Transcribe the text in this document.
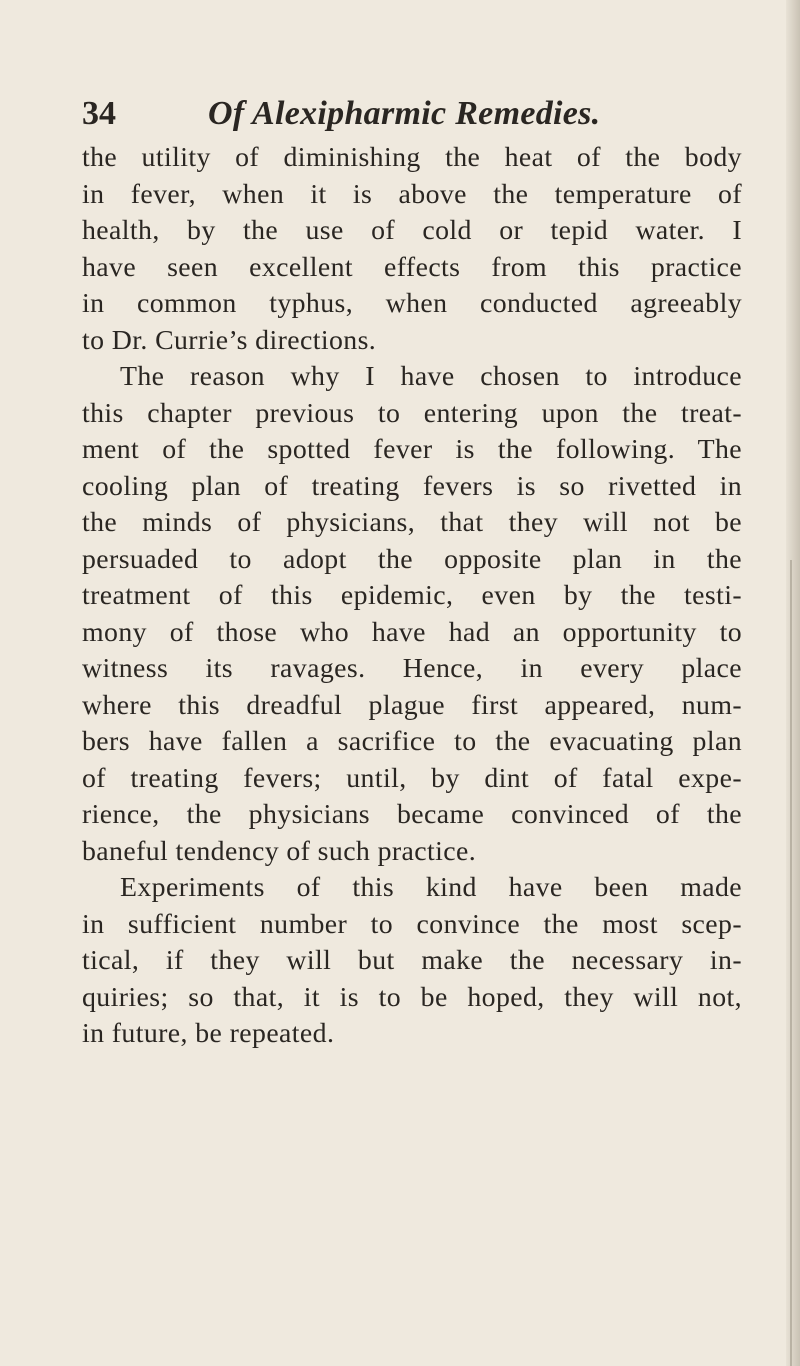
34	Of Alexipharmic Remedies.
the utility of diminishing the heat of the body
in fever, when it is above the temperature of
health, by the use of cold or tepid water. I
have seen excellent effects from this practice
in common typhus, when conducted agreeably
to Dr. Currie’s directions.
The reason why I have chosen to introduce
this chapter previous to entering upon the treat-
ment of the spotted fever is the following. The
cooling plan of treating fevers is so rivetted in
the minds of physicians, that they will not be
persuaded to adopt the opposite plan in the
treatment of this epidemic, even by the testi-
mony of those who have had an opportunity to
witness its ravages. Hence, in every place
where this dreadful plague first appeared, num-
bers have fallen a sacrifice to the evacuating plan
of treating fevers; until, by dint of fatal expe-
rience, the physicians became convinced of the
baneful tendency of such practice.
Experiments of this kind have been made
in sufficient number to convince the most scep-
tical, if they will but make the necessary in-
quiries; so that, it is to be hoped, they will not,
in future, be repeated.
